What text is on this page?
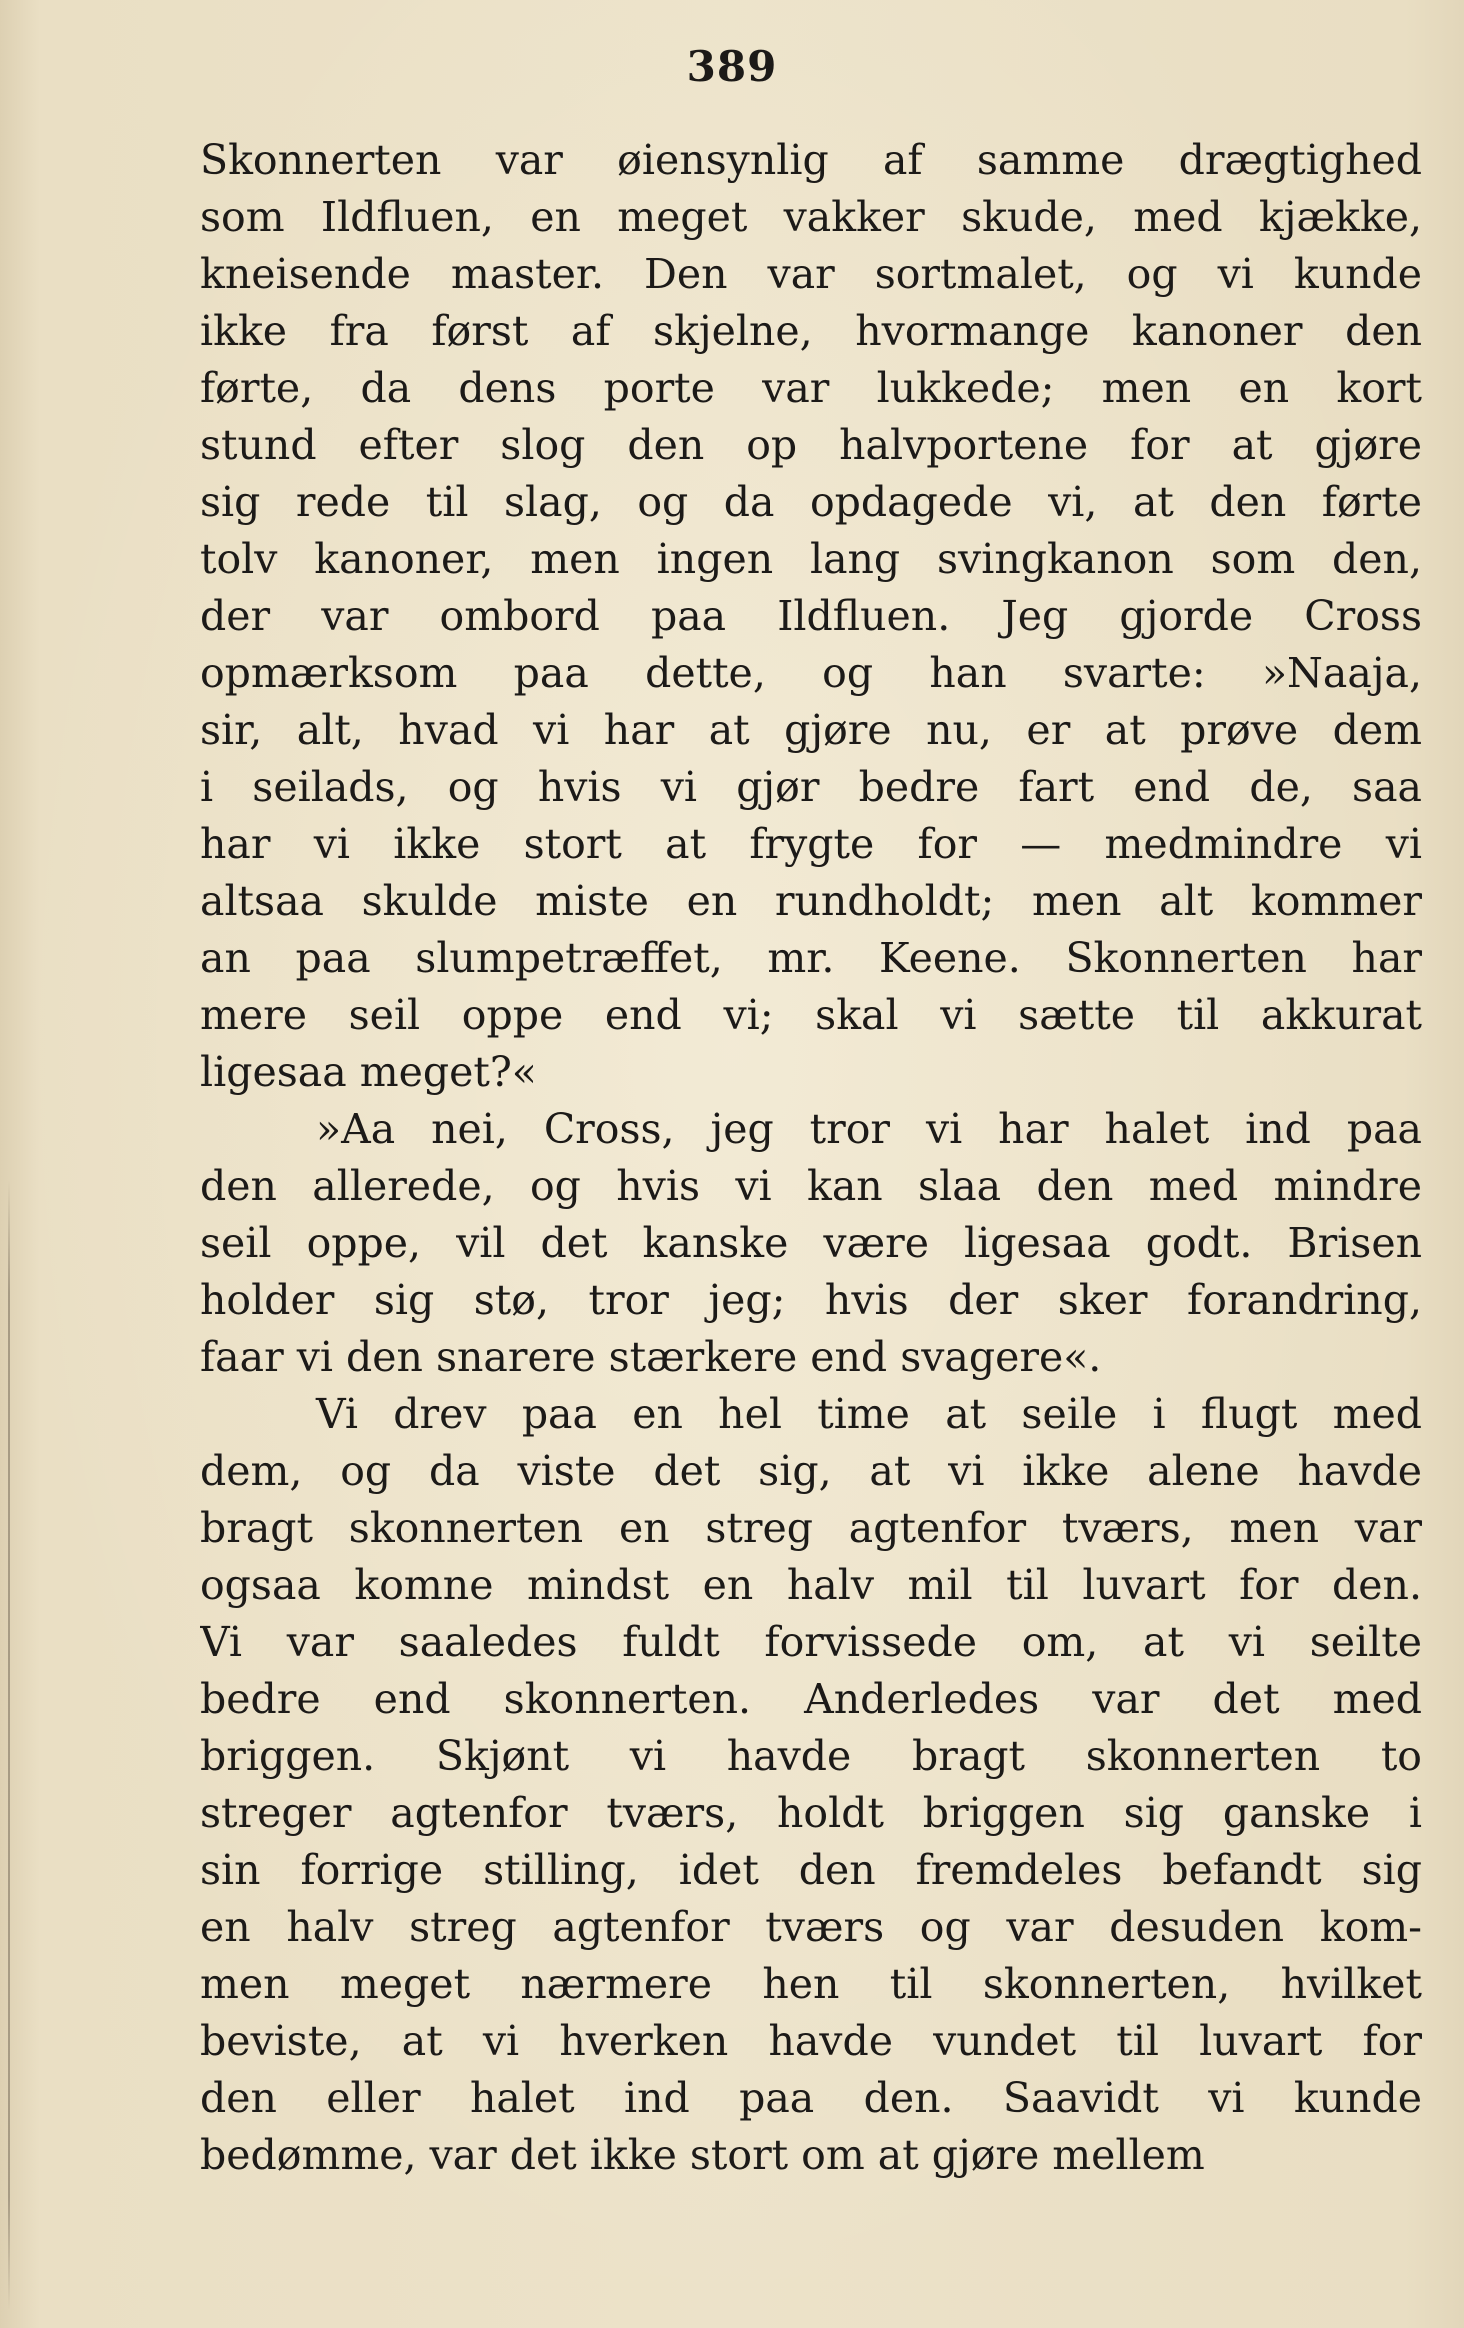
389

Skonnerten var øiensynlig af samme drægtighed
som Ildfluen, en meget vakker skude, med kjække,
kneisende master. Den var sortmalet, og vi kunde
ikke fra først af skjelne, hvormange kanoner den
førte, da dens porte var lukkede; men en kort
stund efter slog den op halvportene for at gjøre
sig rede til slag, og da opdagede vi, at den førte
tolv kanoner, men ingen lang svingkanon som den,
der var ombord paa Ildfluen. Jeg gjorde Cross
opmærksom paa dette, og han svarte: »Naaja,
sir, alt, hvad vi har at gjøre nu, er at prøve dem
i seilads, og hvis vi gjør bedre fart end de, saa
har vi ikke stort at frygte for — medmindre vi
altsaa skulde miste en rundholdt; men alt kommer
an paa slumpetræffet, mr. Keene. Skonnerten har
mere seil oppe end vi; skal vi sætte til akkurat
ligesaa meget?«

»Aa nei, Cross, jeg tror vi har halet ind paa
den allerede, og hvis vi kan slaa den med mindre
seil oppe, vil det kanske være ligesaa godt. Brisen
holder sig stø, tror jeg; hvis der sker forandring,
faar vi den snarere stærkere end svagere«.

Vi drev paa en hel time at seile i flugt med
dem, og da viste det sig, at vi ikke alene havde
bragt skonnerten en streg agtenfor tværs, men var
ogsaa komne mindst en halv mil til luvart for den.
Vi var saaledes fuldt forvissede om, at vi seilte
bedre end skonnerten. Anderledes var det med
briggen. Skjønt vi havde bragt skonnerten to
streger agtenfor tværs, holdt briggen sig ganske i
sin forrige stilling, idet den fremdeles befandt sig
en halv streg agtenfor tværs og var desuden kom-
men meget nærmere hen til skonnerten, hvilket
beviste, at vi hverken havde vundet til luvart for
den eller halet ind paa den. Saavidt vi kunde
bedømme, var det ikke stort om at gjøre mellem
